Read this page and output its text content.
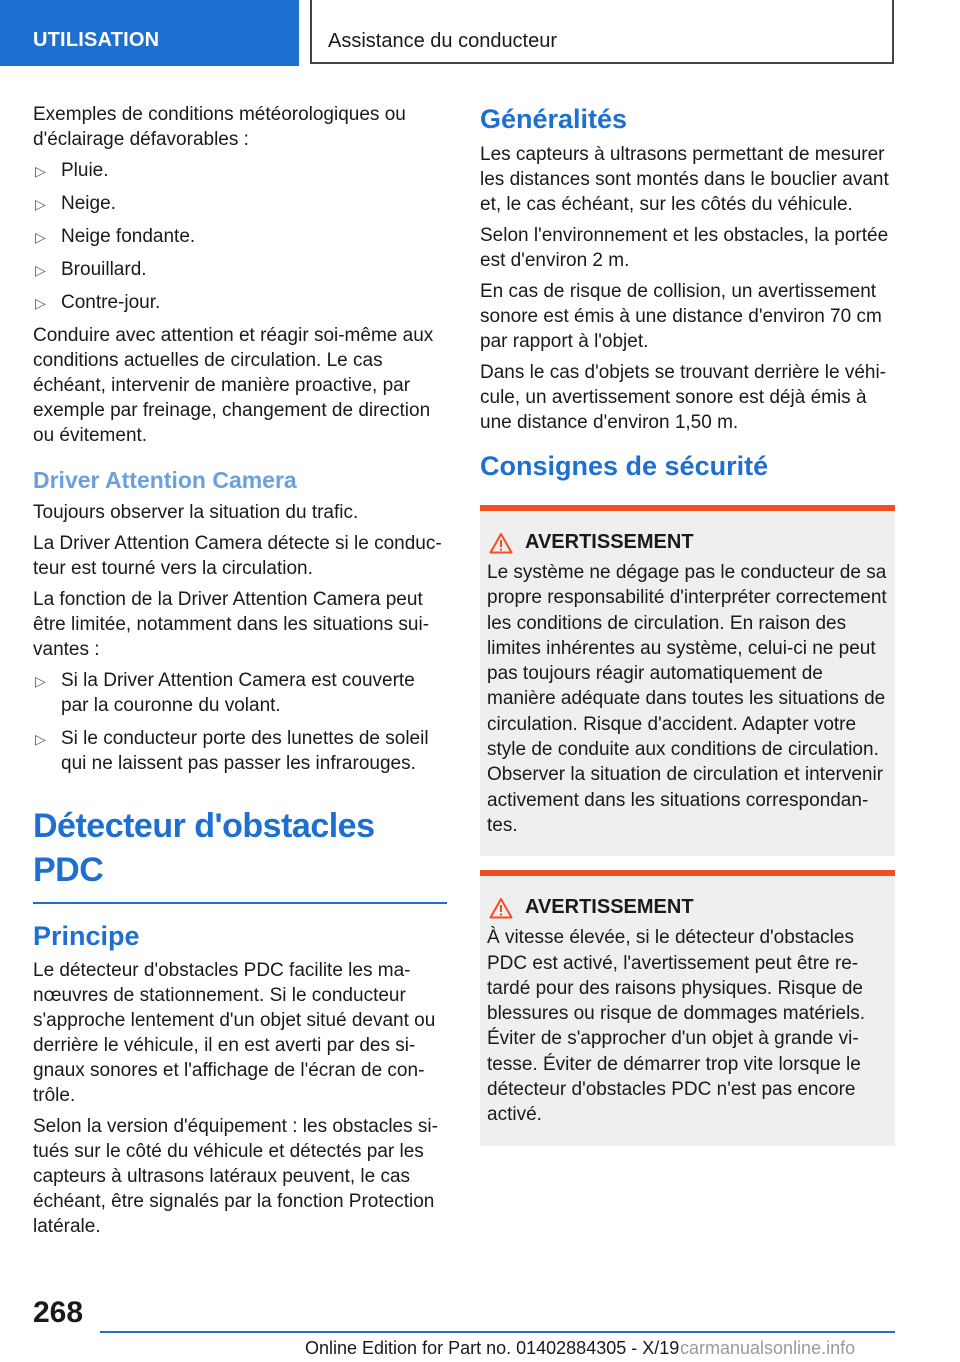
UTILISATION	Assistance du conducteur

Exemples de conditions météorologiques ou d'éclairage défavorables :

▷ Pluie.
▷ Neige.
▷ Neige fondante.
▷ Brouillard.
▷ Contre-jour.

Conduire avec attention et réagir soi-même aux conditions actuelles de circulation. Le cas échéant, intervenir de manière proactive, par exemple par freinage, changement de direction ou évitement.

Driver Attention Camera

Toujours observer la situation du trafic.

La Driver Attention Camera détecte si le conducteur est tourné vers la circulation.

La fonction de la Driver Attention Camera peut être limitée, notamment dans les situations suivantes :

▷ Si la Driver Attention Camera est couverte par la couronne du volant.
▷ Si le conducteur porte des lunettes de soleil qui ne laissent pas passer les infrarouges.
Détecteur d'obstacles PDC
Principe

Le détecteur d'obstacles PDC facilite les manœuvres de stationnement. Si le conducteur s'approche lentement d'un objet situé devant ou derrière le véhicule, il en est averti par des signaux sonores et l'affichage de l'écran de contrôle.

Selon la version d'équipement : les obstacles situés sur le côté du véhicule et détectés par les capteurs à ultrasons latéraux peuvent, le cas échéant, être signalés par la fonction Protection latérale.

Généralités

Les capteurs à ultrasons permettant de mesurer les distances sont montés dans le bouclier avant et, le cas échéant, sur les côtés du véhicule.

Selon l'environnement et les obstacles, la portée est d'environ 2 m.

En cas de risque de collision, un avertissement sonore est émis à une distance d'environ 70 cm par rapport à l'objet.

Dans le cas d'objets se trouvant derrière le véhicule, un avertissement sonore est déjà émis à une distance d'environ 1,50 m.

Consignes de sécurité
AVERTISSEMENT

Le système ne dégage pas le conducteur de sa propre responsabilité d'interpréter correctement les conditions de circulation. En raison des limites inhérentes au système, celui-ci ne peut pas toujours réagir automatiquement de manière adéquate dans toutes les situations de circulation. Risque d'accident. Adapter votre style de conduite aux conditions de circulation. Observer la situation de circulation et intervenir activement dans les situations correspondantes.

AVERTISSEMENT

À vitesse élevée, si le détecteur d'obstacles PDC est activé, l'avertissement peut être retardé pour des raisons physiques. Risque de blessures ou risque de dommages matériels. Éviter de s'approcher d'un objet à grande vitesse. Éviter de démarrer trop vite lorsque le détecteur d'obstacles PDC n'est pas encore activé.

268
Online Edition for Part no. 01402884305 - X/19 carmanualsonline.info
